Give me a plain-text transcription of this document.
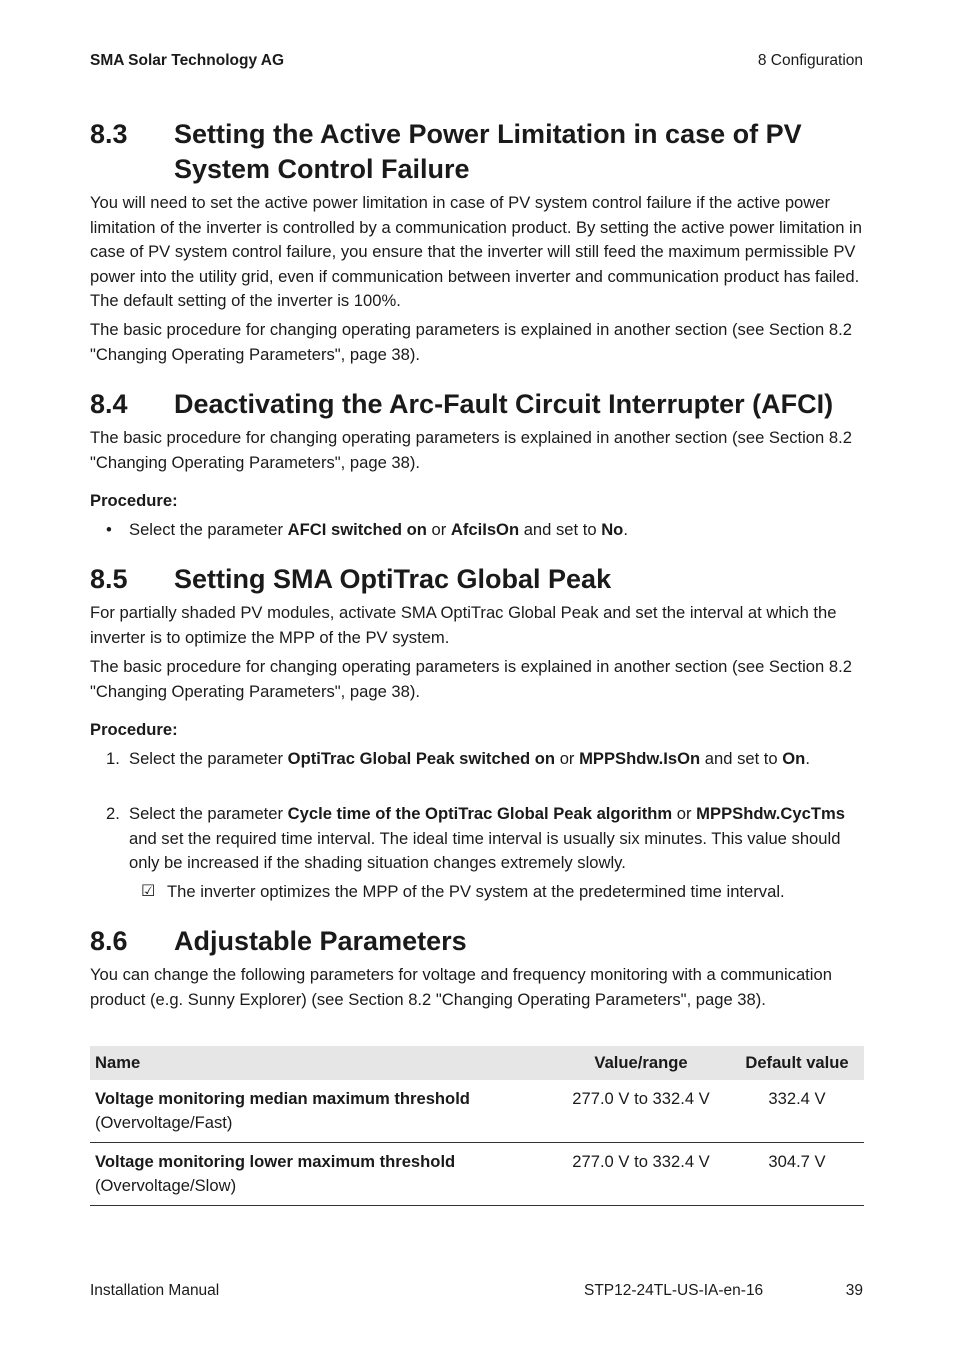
SMA Solar Technology AG	8 Configuration
8.3 Setting the Active Power Limitation in case of PV System Control Failure
You will need to set the active power limitation in case of PV system control failure if the active power limitation of the inverter is controlled by a communication product. By setting the active power limitation in case of PV system control failure, you ensure that the inverter will still feed the maximum permissible PV power into the utility grid, even if communication between inverter and communication product has failed. The default setting of the inverter is 100%.
The basic procedure for changing operating parameters is explained in another section (see Section 8.2 "Changing Operating Parameters", page 38).
8.4 Deactivating the Arc-Fault Circuit Interrupter (AFCI)
The basic procedure for changing operating parameters is explained in another section (see Section 8.2 "Changing Operating Parameters", page 38).
Procedure:
• Select the parameter AFCI switched on or AfciIsOn and set to No.
8.5 Setting SMA OptiTrac Global Peak
For partially shaded PV modules, activate SMA OptiTrac Global Peak and set the interval at which the inverter is to optimize the MPP of the PV system.
The basic procedure for changing operating parameters is explained in another section (see Section 8.2 "Changing Operating Parameters", page 38).
Procedure:
1. Select the parameter OptiTrac Global Peak switched on or MPPShdw.IsOn and set to On.
2. Select the parameter Cycle time of the OptiTrac Global Peak algorithm or MPPShdw.CycTms and set the required time interval. The ideal time interval is usually six minutes. This value should only be increased if the shading situation changes extremely slowly.
☑ The inverter optimizes the MPP of the PV system at the predetermined time interval.
8.6 Adjustable Parameters
You can change the following parameters for voltage and frequency monitoring with a communication product (e.g. Sunny Explorer) (see Section 8.2 "Changing Operating Parameters", page 38).
Name	Value/range	Default value
Voltage monitoring median maximum threshold
(Overvoltage/Fast)	277.0 V to 332.4 V	332.4 V
Voltage monitoring lower maximum threshold
(Overvoltage/Slow)	277.0 V to 332.4 V	304.7 V
Installation Manual	STP12-24TL-US-IA-en-16	39
